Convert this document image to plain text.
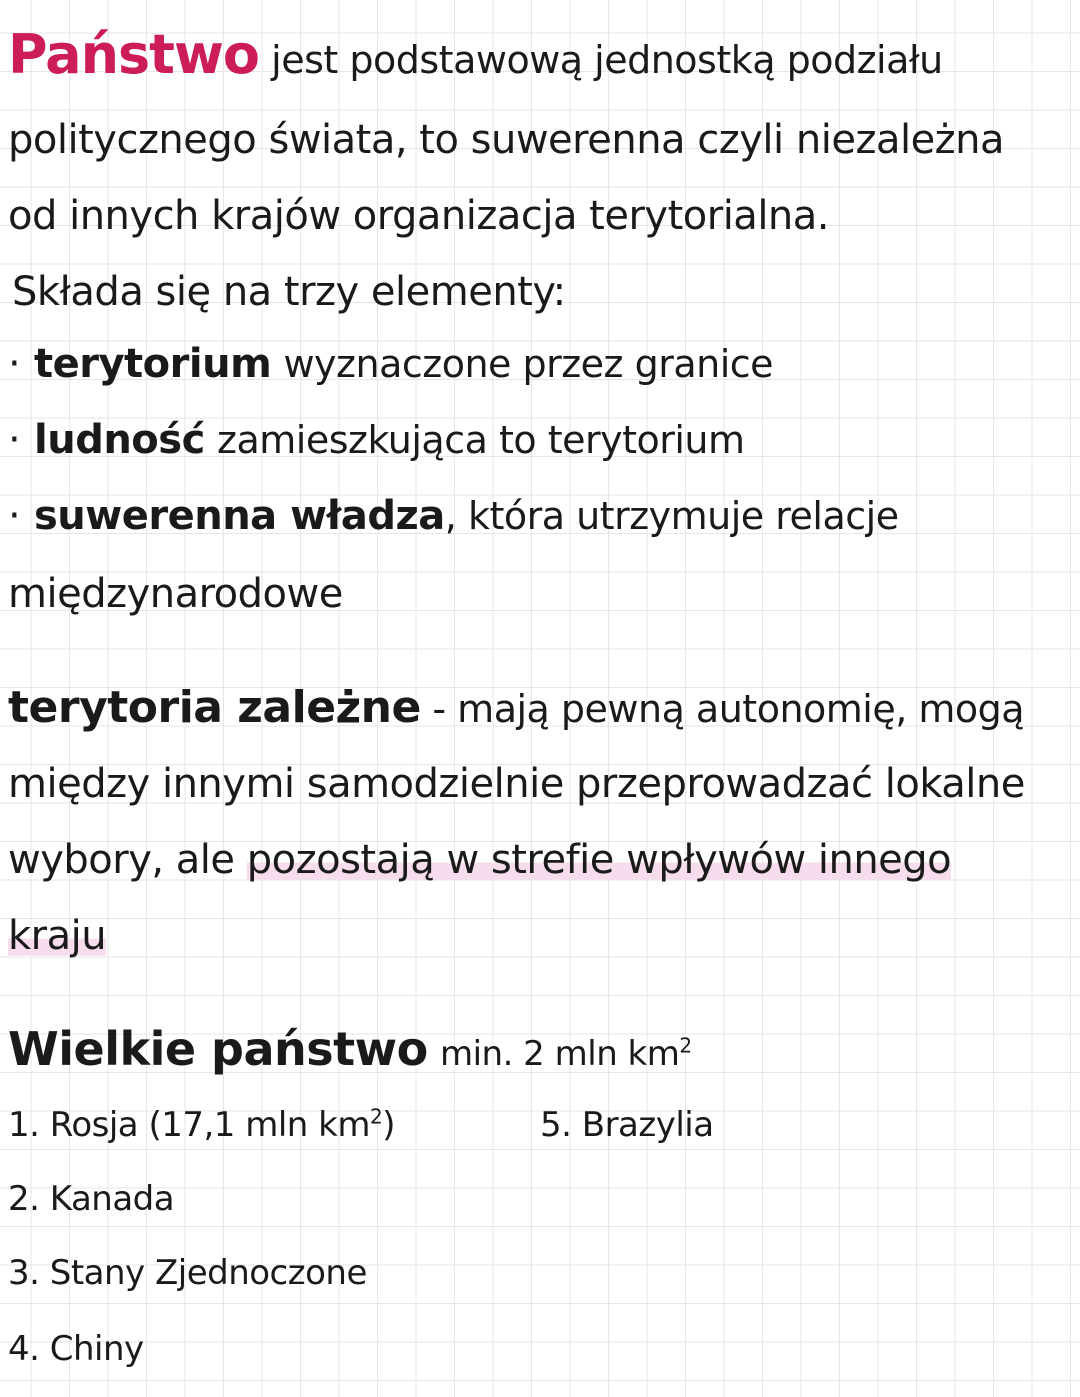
Państwo jest podstawową jednostką podziału
politycznego świata, to suwerenna czyli niezależna
od innych krajów organizacja terytorialna.
Składa się na trzy elementy:
· terytorium wyznaczone przez granice
· ludność zamieszkująca to terytorium
· suwerenna władza, która utrzymuje relacje
międzynarodowe
terytoria zależne - mają pewną autonomię, mogą
między innymi samodzielnie przeprowadzać lokalne
wybory, ale pozostają w strefie wpływów innego
kraju
Wielkie państwo min. 2 mln $km^2$
1. Rosja (17,1 mln $km^2$)	5. Brazylia
2. Kanada
3. Stany Zjednoczone
4. Chiny
